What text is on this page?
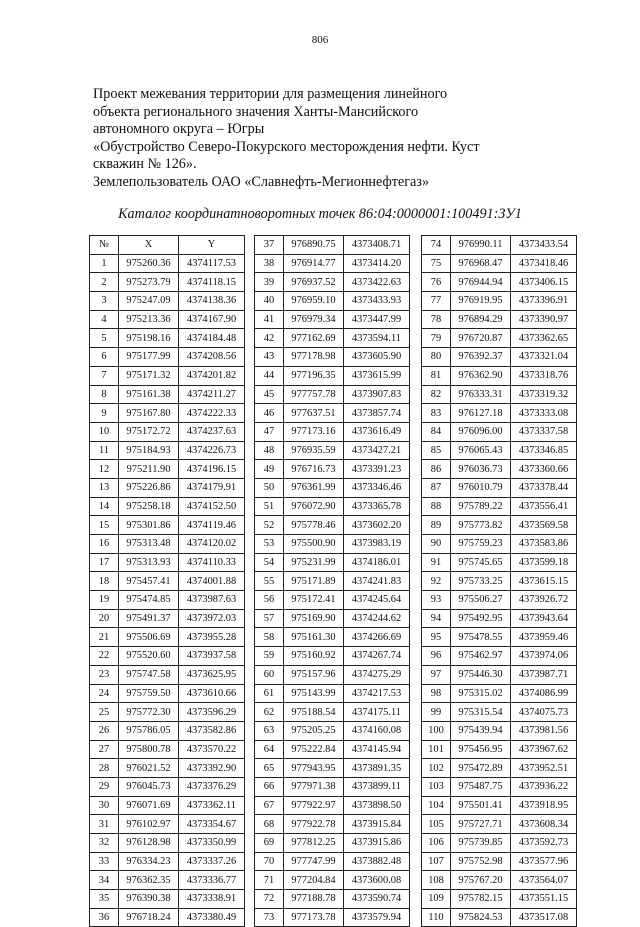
806
Проект межевания территории для размещения линейного
объекта регионального значения Ханты-Мансийского
автономного округа – Югры
«Обустройство Северо-Покурского месторождения нефти. Куст
скважин № 126».
Землепользователь ОАО «Славнефть-Мегионнефтегаз»
Каталог координатноворотных точек 86:04:0000001:100491:ЗУ1
№	X	Y
1	975260.36	4374117.53
2	975273.79	4374118.15
3	975247.09	4374138.36
4	975213.36	4374167.90
5	975198.16	4374184.48
6	975177.99	4374208.56
7	975171.32	4374201.82
8	975161.38	4374211.27
9	975167.80	4374222.33
10	975172.72	4374237.63
11	975184.93	4374226.73
12	975211.90	4374196.15
13	975226.86	4374179.91
14	975258.18	4374152.50
15	975301.86	4374119.46
16	975313.48	4374120.02
17	975313.93	4374110.33
18	975457.41	4374001.88
19	975474.85	4373987.63
20	975491.37	4373972.03
21	975506.69	4373955.28
22	975520.60	4373937.58
23	975747.58	4373625.95
24	975759.50	4373610.66
25	975772.30	4373596.29
26	975786.05	4373582.86
27	975800.78	4373570.22
28	976021.52	4373392.90
29	976045.73	4373376.29
30	976071.69	4373362.11
31	976102.97	4373354.67
32	976128.98	4373350.99
33	976334.23	4373337.26
34	976362.35	4373336.77
35	976390.38	4373338.91
36	976718.24	4373380.49
37	976890.75	4373408.71
38	976914.77	4373414.20
39	976937.52	4373422.63
40	976959.10	4373433.93
41	976979.34	4373447.99
42	977162.69	4373594.11
43	977178.98	4373605.90
44	977196.35	4373615.99
45	977757.78	4373907.83
46	977637.51	4373857.74
47	977173.16	4373616.49
48	976935.59	4373427.21
49	976716.73	4373391.23
50	976361.99	4373346.46
51	976072.90	4373365.78
52	975778.46	4373602.20
53	975500.90	4373983.19
54	975231.99	4374186.01
55	975171.89	4374241.83
56	975172.41	4374245.64
57	975169.90	4374244.62
58	975161.30	4374266.69
59	975160.92	4374267.74
60	975157.96	4374275.29
61	975143.99	4374217.53
62	975188.54	4374175.11
63	975205.25	4374160.08
64	975222.84	4374145.94
65	977943.95	4373891.35
66	977971.38	4373899.11
67	977922.97	4373898.50
68	977922.78	4373915.84
69	977812.25	4373915.86
70	977747.99	4373882.48
71	977204.84	4373600.08
72	977188.78	4373590.74
73	977173.78	4373579.94
74	976990.11	4373433.54
75	976968.47	4373418.46
76	976944.94	4373406.15
77	976919.95	4373396.91
78	976894.29	4373390.97
79	976720.87	4373362.65
80	976392.37	4373321.04
81	976362.90	4373318.76
82	976333.31	4373319.32
83	976127.18	4373333.08
84	976096.00	4373337.58
85	976065.43	4373346.85
86	976036.73	4373360.66
87	976010.79	4373378.44
88	975789.22	4373556.41
89	975773.82	4373569.58
90	975759.23	4373583.86
91	975745.65	4373599.18
92	975733.25	4373615.15
93	975506.27	4373926.72
94	975492.95	4373943.64
95	975478.55	4373959.46
96	975462.97	4373974.06
97	975446.30	4373987.71
98	975315.02	4374086.99
99	975315.54	4374075.73
100	975439.94	4373981.56
101	975456.95	4373967.62
102	975472.89	4373952.51
103	975487.75	4373936.22
104	975501.41	4373918.95
105	975727.71	4373608.34
106	975739.85	4373592.73
107	975752.98	4373577.96
108	975767.20	4373564.07
109	975782.15	4373551.15
110	975824.53	4373517.08
